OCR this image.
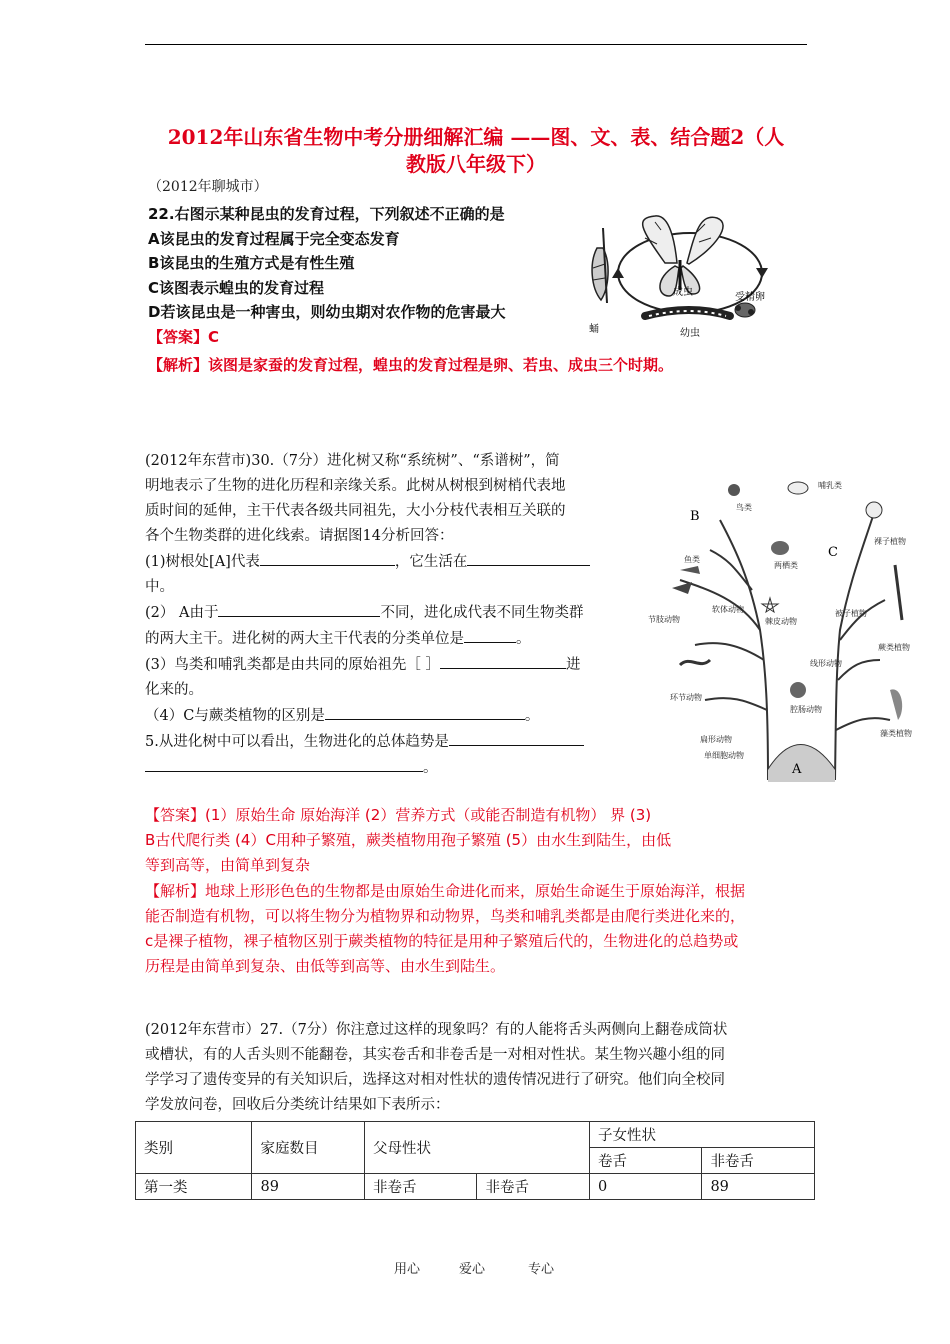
2012年山东省生物中考分册细解汇编 ——图、文、表、结合题2（人
教版八年级下）
（2012年聊城市）
22.右图示某种昆虫的发育过程，下列叙述不正确的是
A该昆虫的发育过程属于完全变态发育
B该昆虫的生殖方式是有性生殖
C该图表示蝗虫的发育过程
D若该昆虫是一种害虫，则幼虫期对农作物的危害最大
【答案】C
【解析】该图是家蚕的发育过程，蝗虫的发育过程是卵、若虫、成虫三个时期。
成虫	受精卵
幼虫
蛹
(2012年东营市)30.（7分）进化树又称“系统树”、“系谱树”，简
明地表示了生物的进化历程和亲缘关系。此树从树根到树梢代表地
质时间的延伸，主干代表各级共同祖先，大小分枝代表相互关联的
各个生物类群的进化线索。请据图14分析回答：
(1)树根处[A]代表	，它生活在
中。
(2） A由于	不同，进化成代表不同生物类群
的两大主干。进化树的两大主干代表的分类单位是	。
(3）鸟类和哺乳类都是由共同的原始祖先［ ］	进
化来的。
（4）C与蕨类植物的区别是	。
5.从进化树中可以看出，生物进化的总体趋势是
。	A
B
C
鸟类
哺乳类
鱼类
两栖类
裸子植物
节肢动物
软体动物
棘皮动物
被子植物
蕨类植物
环节动物
线形动物
扁形动物
腔肠动物
藻类植物
单细胞动物
【答案】(1）原始生命 原始海洋 (2）营养方式（或能否制造有机物） 界 (3)
B古代爬行类 (4）C用种子繁殖，蕨类植物用孢子繁殖 (5）由水生到陆生，由低
等到高等，由简单到复杂
【解析】地球上形形色色的生物都是由原始生命进化而来，原始生命诞生于原始海洋，根据
能否制造有机物，可以将生物分为植物界和动物界，鸟类和哺乳类都是由爬行类进化来的，
c是裸子植物，裸子植物区别于蕨类植物的特征是用种子繁殖后代的，生物进化的总趋势或
历程是由简单到复杂、由低等到高等、由水生到陆生。
(2012年东营市）27.（7分）你注意过这样的现象吗？有的人能将舌头两侧向上翻卷成筒状
或槽状，有的人舌头则不能翻卷，其实卷舌和非卷舌是一对相对性状。某生物兴趣小组的同
学学习了遗传变异的有关知识后，选择这对相对性状的遗传情况进行了研究。他们向全校同
学发放问卷，回收后分类统计结果如下表所示：
类别	家庭数目	父母性状		子女性状	
				卷舌	非卷舌
第一类	89	非卷舌	非卷舌	0	89
用心	爱心	专心
